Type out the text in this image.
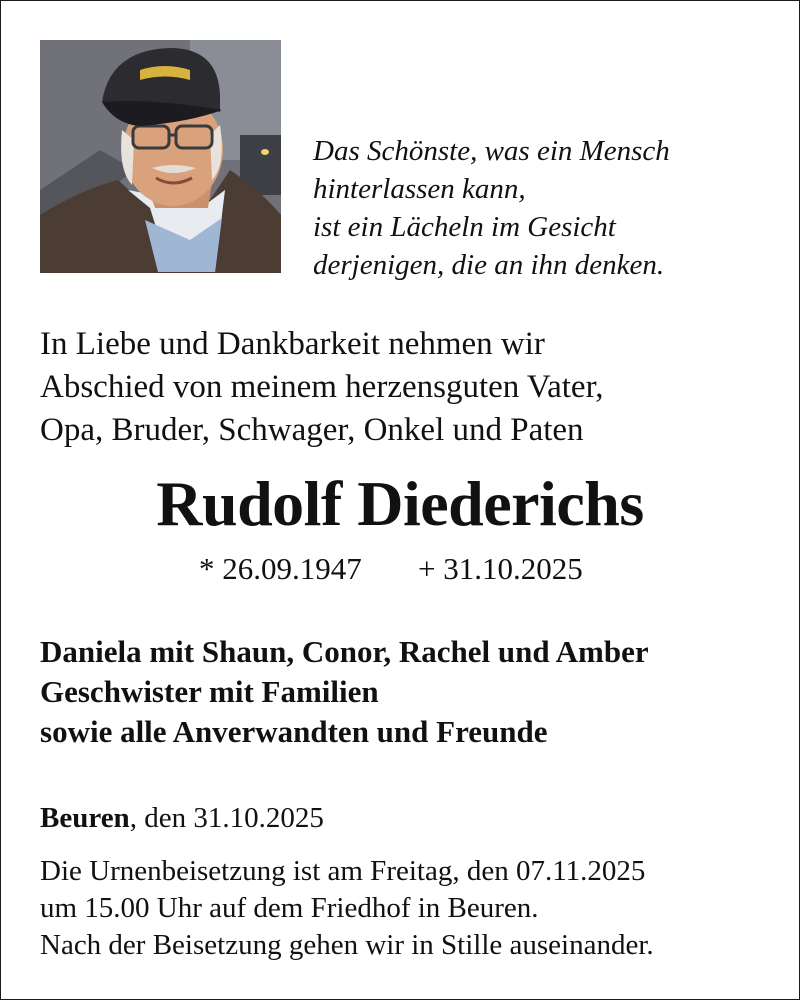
Das Schönste, was ein Mensch
hinterlassen kann,
ist ein Lächeln im Gesicht
derjenigen, die an ihn denken.
In Liebe und Dankbarkeit nehmen wir
Abschied von meinem herzensguten Vater,
Opa, Bruder, Schwager, Onkel und Paten
Rudolf Diederichs
* 26.09.1947 + 31.10.2025
Daniela mit Shaun, Conor, Rachel und Amber
Geschwister mit Familien
sowie alle Anverwandten und Freunde
Beuren, den 31.10.2025
Die Urnenbeisetzung ist am Freitag, den 07.11.2025
um 15.00 Uhr auf dem Friedhof in Beuren.
Nach der Beisetzung gehen wir in Stille auseinander.
